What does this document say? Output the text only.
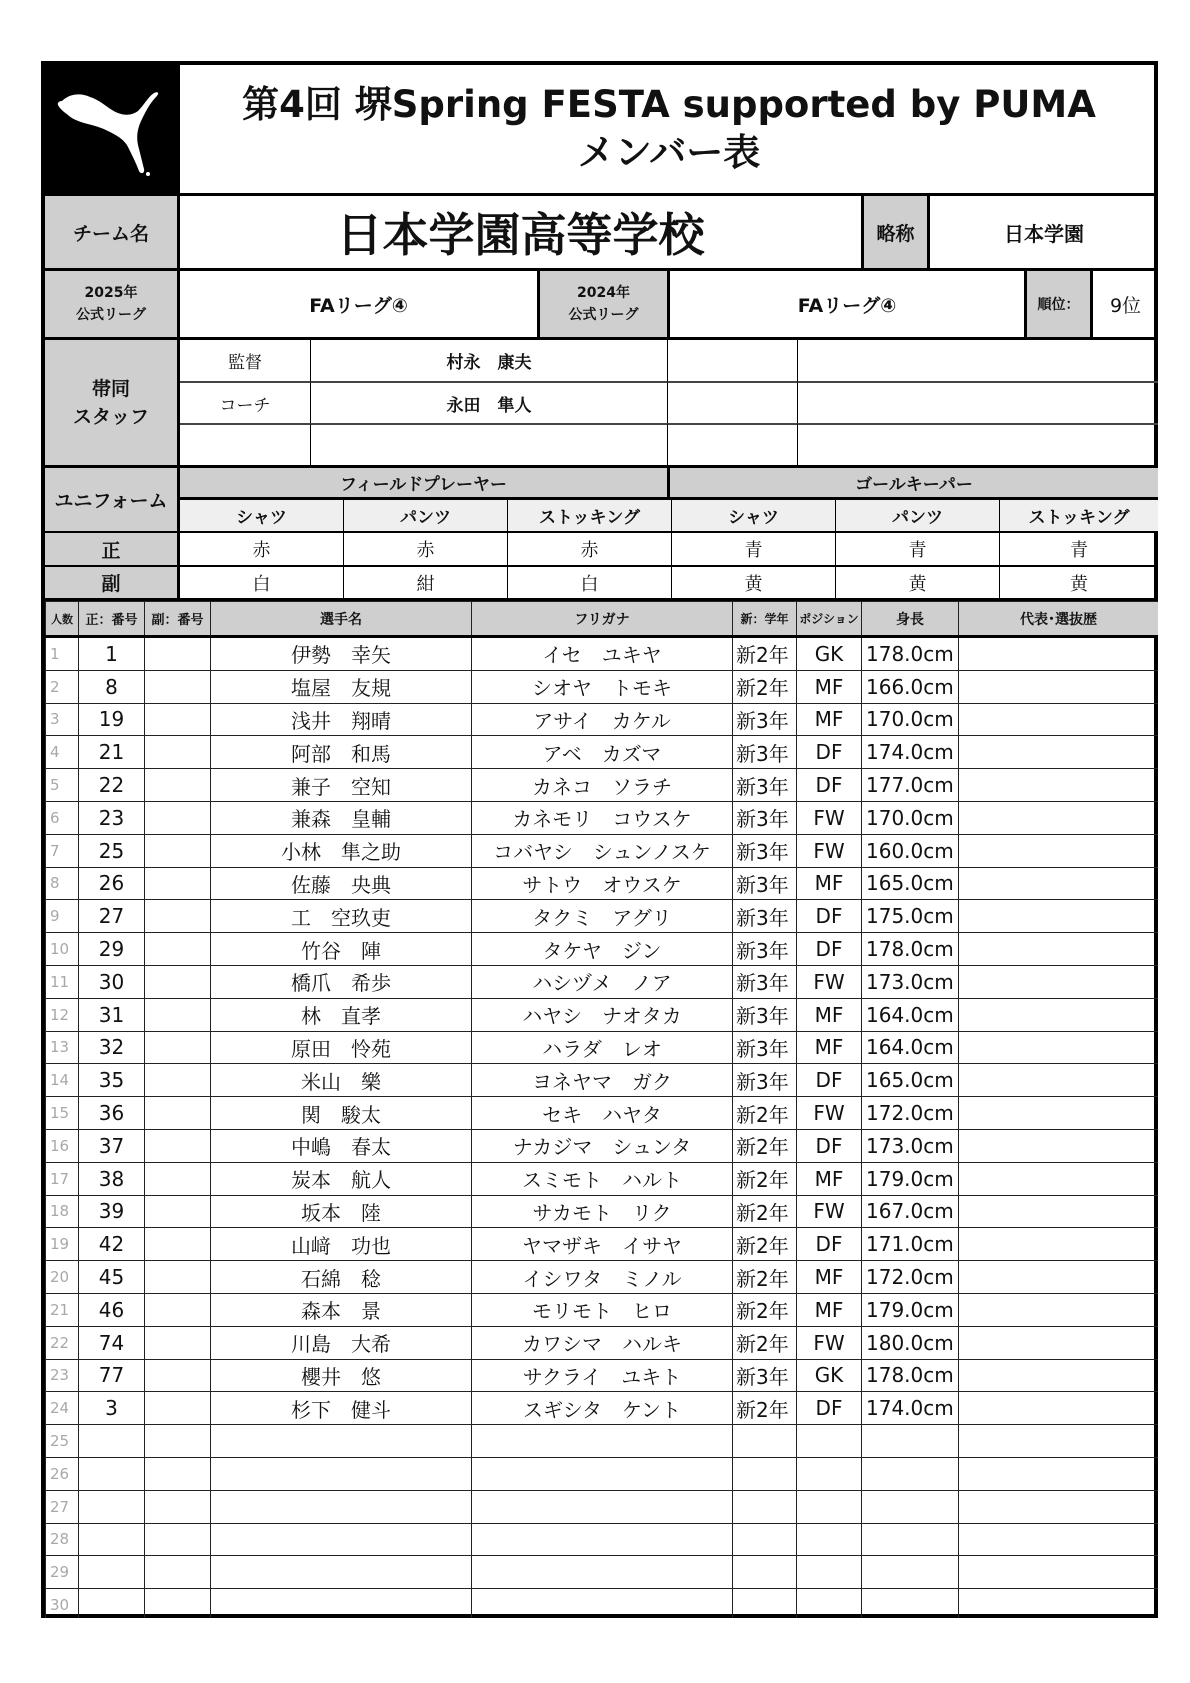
第4回 堺Spring FESTA supported by PUMA
メンバー表
チーム名	日本学園高等学校	略称	日本学園
2025年
公式リーグ	FAリーグ④
2024年
公式リーグ	FAリーグ④	順位：	9位
帯同
スタッフ
監督	村永　康夫
コーチ	永田　隼人
ユニフォーム
フィールドプレーヤー	ゴールキーパー
シャツ	パンツ	ストッキング	シャツ	パンツ	ストッキング
正	赤	赤	赤	青	青	青
副	白	紺	白	黄	黄	黄
人数	正：番号	副：番号	選手名	フリガナ	新：学年	ポジション	身長	代表･選抜歴
1	1		伊勢　幸矢	イセ　ユキヤ	新2年	GK	178.0cm	
2	8		塩屋　友規	シオヤ　トモキ	新2年	MF	166.0cm	
3	19		浅井　翔晴	アサイ　カケル	新3年	MF	170.0cm	
4	21		阿部　和馬	アベ　カズマ	新3年	DF	174.0cm	
5	22		兼子　空知	カネコ　ソラチ	新3年	DF	177.0cm	
6	23		兼森　皇輔	カネモリ　コウスケ	新3年	FW	170.0cm	
7	25		小林　隼之助	コバヤシ　シュンノスケ	新3年	FW	160.0cm	
8	26		佐藤　央典	サトウ　オウスケ	新3年	MF	165.0cm	
9	27		工　空玖吏	タクミ　アグリ	新3年	DF	175.0cm	
10	29		竹谷　陣	タケヤ　ジン	新3年	DF	178.0cm	
11	30		橋爪　希歩	ハシヅメ　ノア	新3年	FW	173.0cm	
12	31		林　直孝	ハヤシ　ナオタカ	新3年	MF	164.0cm	
13	32		原田　怜苑	ハラダ　レオ	新3年	MF	164.0cm	
14	35		米山　樂	ヨネヤマ　ガク	新3年	DF	165.0cm	
15	36		関　駿太	セキ　ハヤタ	新2年	FW	172.0cm	
16	37		中嶋　春太	ナカジマ　シュンタ	新2年	DF	173.0cm	
17	38		炭本　航人	スミモト　ハルト	新2年	MF	179.0cm	
18	39		坂本　陸	サカモト　リク	新2年	FW	167.0cm	
19	42		山﨑　功也	ヤマザキ　イサヤ	新2年	DF	171.0cm	
20	45		石綿　稔	イシワタ　ミノル	新2年	MF	172.0cm	
21	46		森本　景	モリモト　ヒロ	新2年	MF	179.0cm	
22	74		川島　大希	カワシマ　ハルキ	新2年	FW	180.0cm	
23	77		櫻井　悠	サクライ　ユキト	新3年	GK	178.0cm	
24	3		杉下　健斗	スギシタ　ケント	新2年	DF	174.0cm	
25								
26								
27								
28								
29								
30								
